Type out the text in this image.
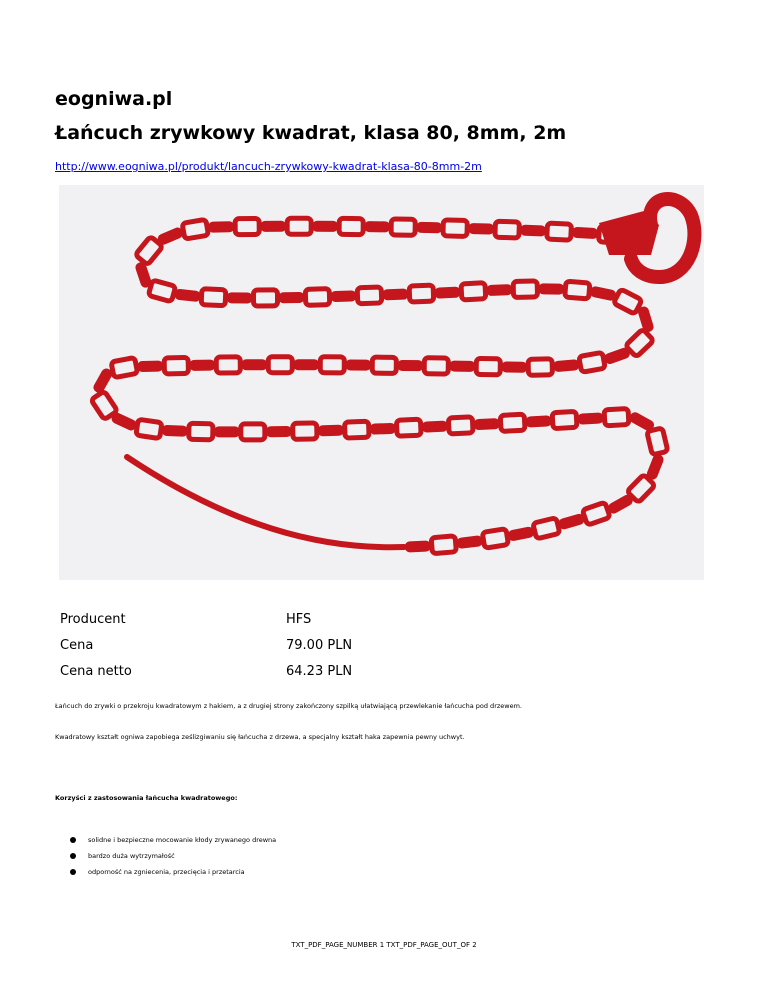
eogniwa.pl
Łańcuch zrywkowy kwadrat, klasa 80, 8mm, 2m
http://www.eogniwa.pl/produkt/lancuch-zrywkowy-kwadrat-klasa-80-8mm-2m
Producent	HFS
Cena	79.00 PLN
Cena netto	64.23 PLN

Łańcuch do zrywki o przekroju kwadratowym z hakiem, a z drugiej strony zakończony szpilką ułatwiającą przewlekanie łańcucha pod drzewem.

Kwadratowy kształt ogniwa zapobiega ześlizgiwaniu się łańcucha z drzewa, a specjalny kształt haka zapewnia pewny uchwyt.

Korzyści z zastosowania łańcucha kwadratowego:

solidne i bezpieczne mocowanie kłody zrywanego drewna
bardzo duża wytrzymałość
odporność na zgniecenia, przecięcia i przetarcia
TXT_PDF_PAGE_NUMBER 1 TXT_PDF_PAGE_OUT_OF 2
